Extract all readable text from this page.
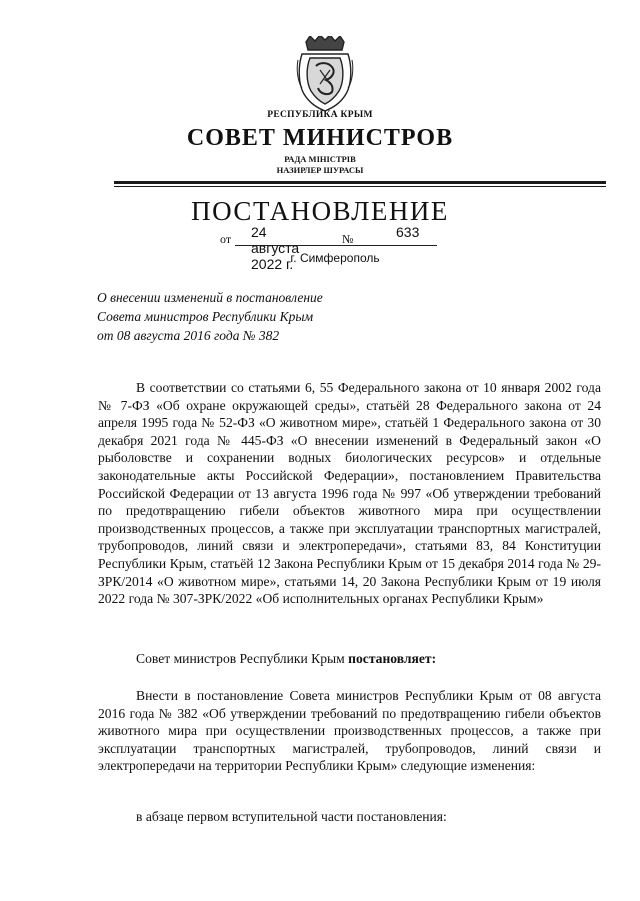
РЕСПУБЛИКА КРЫМ
СОВЕТ МИНИСТРОВ
РАДА МІНІСТРІВ
НАЗИРЛЕР ШУРАСЫ
ПОСТАНОВЛЕНИЕ
от 24 августа 2022 г.
№	633
г. Симферополь
О внесении изменений в постановление
Совета министров Республики Крым
от 08 августа 2016 года № 382

В соответствии со статьями 6, 55 Федерального закона от 10 января 2002 года № 7-ФЗ «Об охране окружающей среды», статьёй 28 Федерального закона от 24 апреля 1995 года № 52-ФЗ «О животном мире», статьёй 1 Федерального закона от 30 декабря 2021 года № 445-ФЗ «О внесении изменений в Федеральный закон «О рыболовстве и сохранении водных биологических ресурсов» и отдельные законодательные акты Российской Федерации», постановлением Правительства Российской Федерации от 13 августа 1996 года № 997 «Об утверждении требований по предотвращению гибели объектов животного мира при осуществлении производственных процессов, а также при эксплуатации транспортных магистралей, трубопроводов, линий связи и электропередачи», статьями 83, 84 Конституции Республики Крым, статьёй 12 Закона Республики Крым от 15 декабря 2014 года № 29-ЗРК/2014 «О животном мире», статьями 14, 20 Закона Республики Крым от 19 июля 2022 года № 307-ЗРК/2022 «Об исполнительных органах Республики Крым»

Совет министров Республики Крым постановляет:

Внести в постановление Совета министров Республики Крым от 08 августа 2016 года № 382 «Об утверждении требований по предотвращению гибели объектов животного мира при осуществлении производственных процессов, а также при эксплуатации транспортных магистралей, трубопроводов, линий связи и электропередачи на территории Республики Крым» следующие изменения:

в абзаце первом вступительной части постановления:
